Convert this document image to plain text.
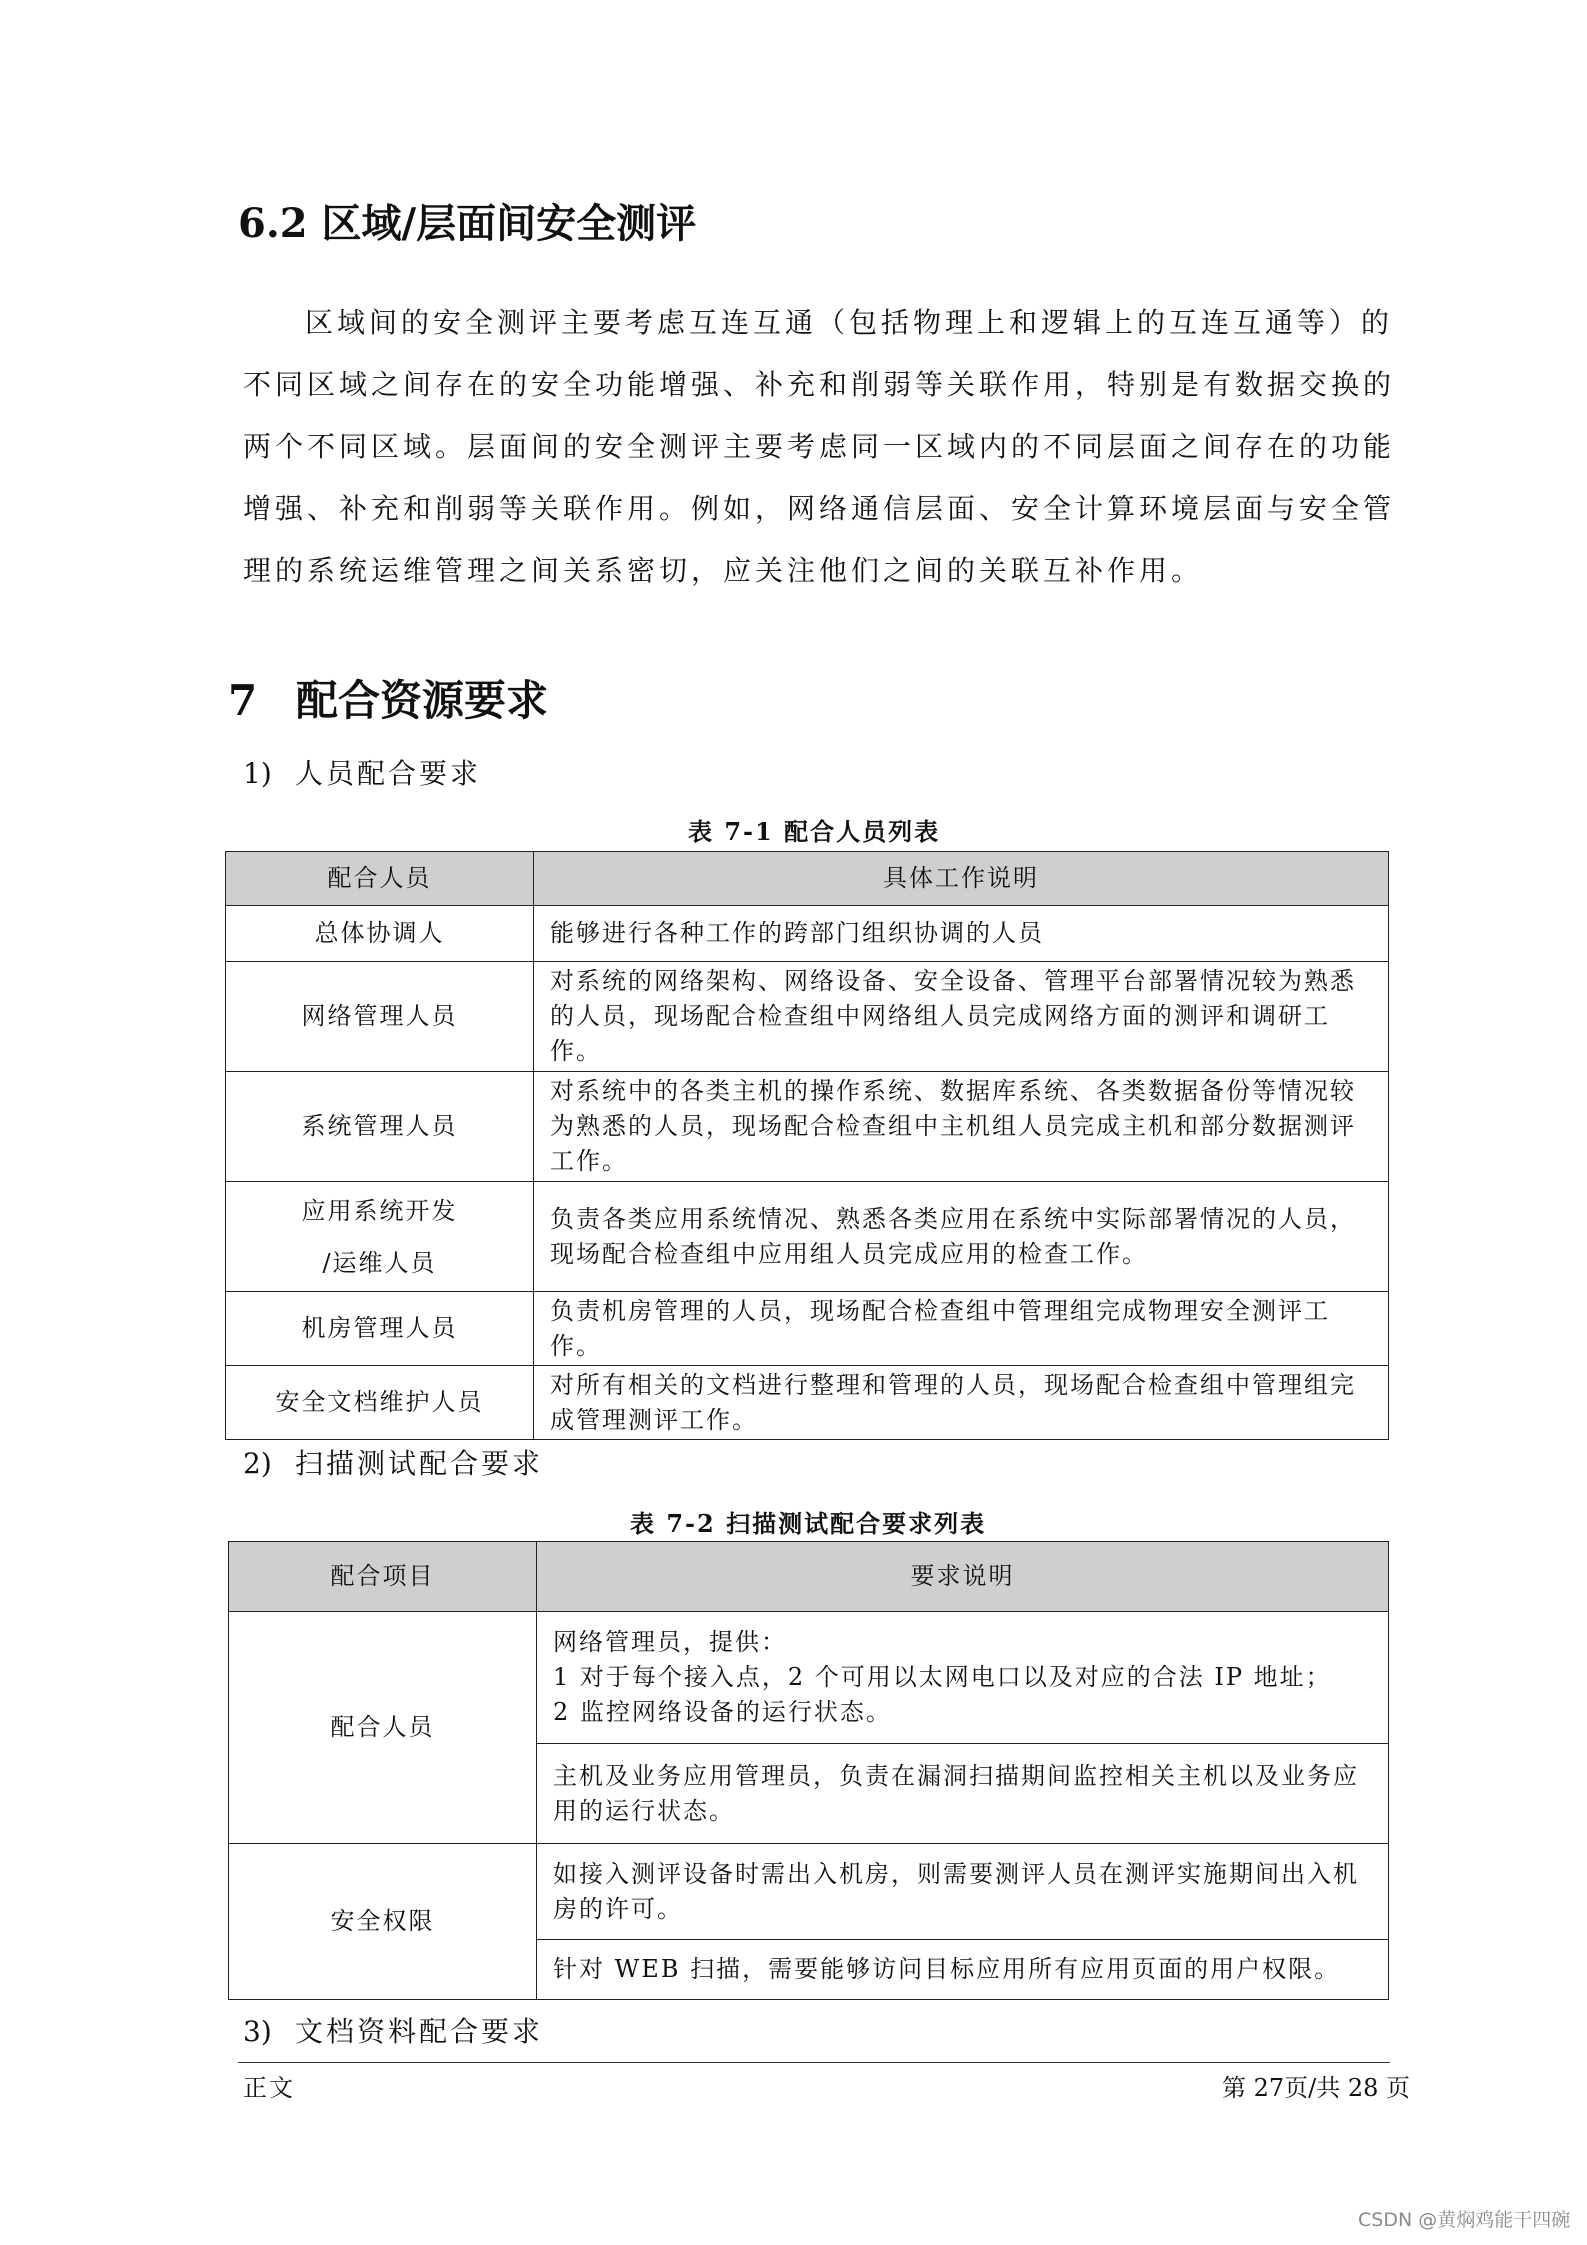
6.2 区域/层面间安全测评

区域间的安全测评主要考虑互连互通（包括物理上和逻辑上的互连互通等）的
不同区域之间存在的安全功能增强、补充和削弱等关联作用，特别是有数据交换的
两个不同区域。层面间的安全测评主要考虑同一区域内的不同层面之间存在的功能
增强、补充和削弱等关联作用。例如，网络通信层面、安全计算环境层面与安全管
理的系统运维管理之间关系密切，应关注他们之间的关联互补作用。

7 配合资源要求
1) 人员配合要求
表 7-1 配合人员列表
配合人员	具体工作说明
总体协调人	能够进行各种工作的跨部门组织协调的人员
网络管理人员	对系统的网络架构、网络设备、安全设备、管理平台部署情况较为熟悉的人员，现场配合检查组中网络组人员完成网络方面的测评和调研工作。
系统管理人员	对系统中的各类主机的操作系统、数据库系统、各类数据备份等情况较为熟悉的人员，现场配合检查组中主机组人员完成主机和部分数据测评工作。

应用系统开发
/运维人员	负责各类应用系统情况、熟悉各类应用在系统中实际部署情况的人员，现场配合检查组中应用组人员完成应用的检查工作。
机房管理人员	负责机房管理的人员，现场配合检查组中管理组完成物理安全测评工作。
安全文档维护人员	对所有相关的文档进行整理和管理的人员，现场配合检查组中管理组完成管理测评工作。
2) 扫描测试配合要求
表 7-2 扫描测试配合要求列表
配合项目	要求说明
配合人员	网络管理员，提供：
1 对于每个接入点，2 个可用以太网电口以及对应的合法 IP 地址；
2 监控网络设备的运行状态。

	主机及业务应用管理员，负责在漏洞扫描期间监控相关主机以及业务应用的运行状态。
安全权限	如接入测评设备时需出入机房，则需要测评人员在测评实施期间出入机房的许可。
	针对 WEB 扫描，需要能够访问目标应用所有应用页面的用户权限。
3) 文档资料配合要求
正文	第 27页/共 28 页
CSDN @黄焖鸡能干四碗
